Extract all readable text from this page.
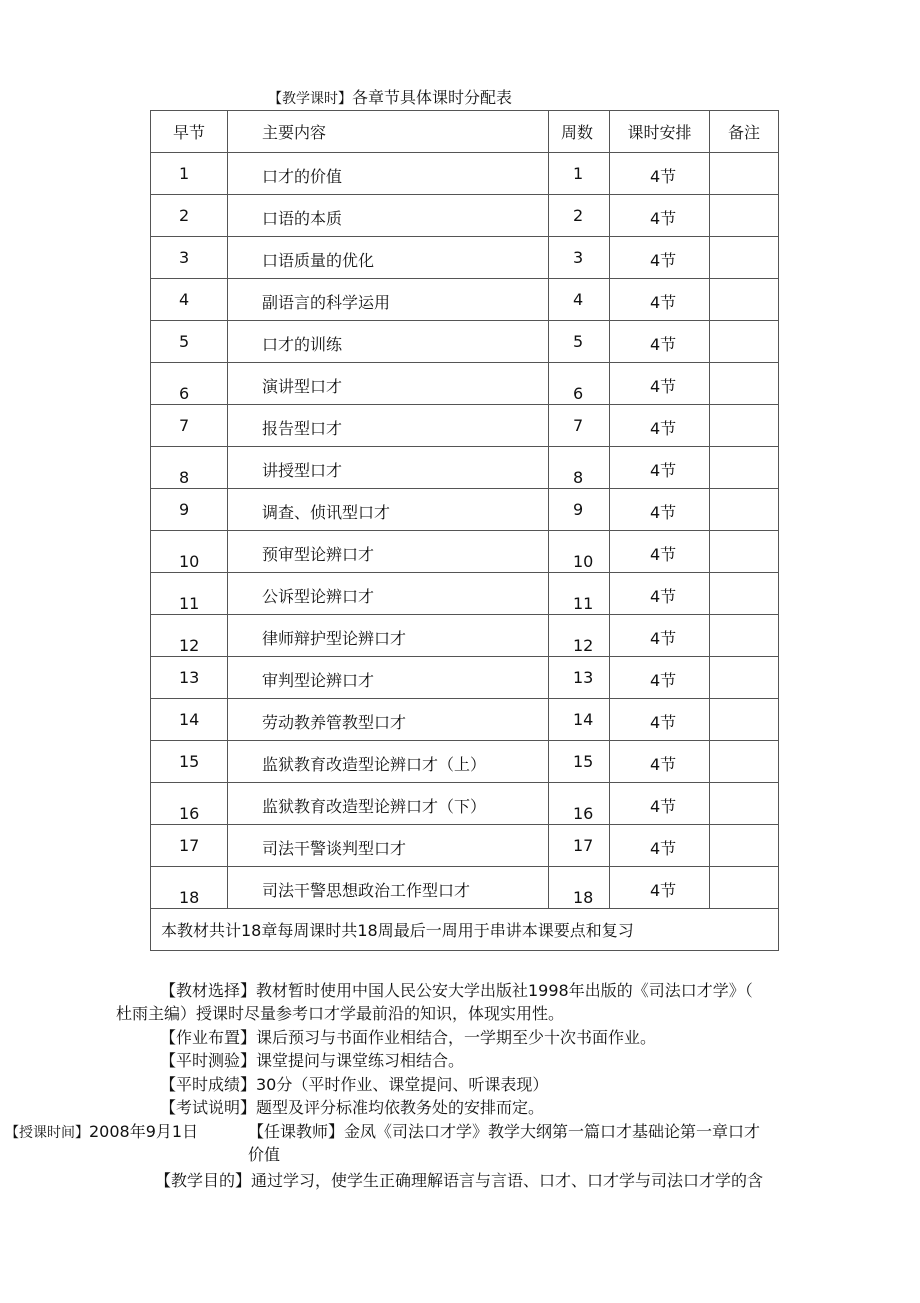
【教学课时】各章节具体课时分配表
早节	主要内容	周数	课时安排	备注

1	口才的价值	1	4节	

2	口语的本质	2	4节	

3	口语质量的优化	3	4节	

4	副语言的科学运用	4	4节	

5	口才的训练	5	4节	

6	演讲型口才	6	4节	

7	报告型口才	7	4节	

8	讲授型口才	8	4节	

9	调查、侦讯型口才	9	4节	

10	预审型论辨口才	10	4节	

11	公诉型论辨口才	11	4节	

12	律师辩护型论辨口才	12	4节	

13	审判型论辨口才	13	4节	

14	劳动教养管教型口才	14	4节	

15	监狱教育改造型论辨口才（上）	15	4节	

16	监狱教育改造型论辨口才（下）	16	4节	

17	司法干警谈判型口才	17	4节	

18	司法干警思想政治工作型口才	18	4节	

本教材共计18章每周课时共18周最后一周用于串讲本课要点和复习				
【教材选择】教材暂时使用中国人民公安大学出版社1998年出版的《司法口才学》（
杜雨主编）授课时尽量参考口才学最前沿的知识，体现实用性。
【作业布置】课后预习与书面作业相结合，一学期至少十次书面作业。
【平时测验】课堂提问与课堂练习相结合。
【平时成绩】30分（平时作业、课堂提问、听课表现）
【考试说明】题型及评分标准均依教务处的安排而定。
【授课时间】2008年9月1日	【任课教师】金凤《司法口才学》教学大纲第一篇口才基础论第一章口才
价值
【教学目的】通过学习，使学生正确理解语言与言语、口才、口才学与司法口才学的含
